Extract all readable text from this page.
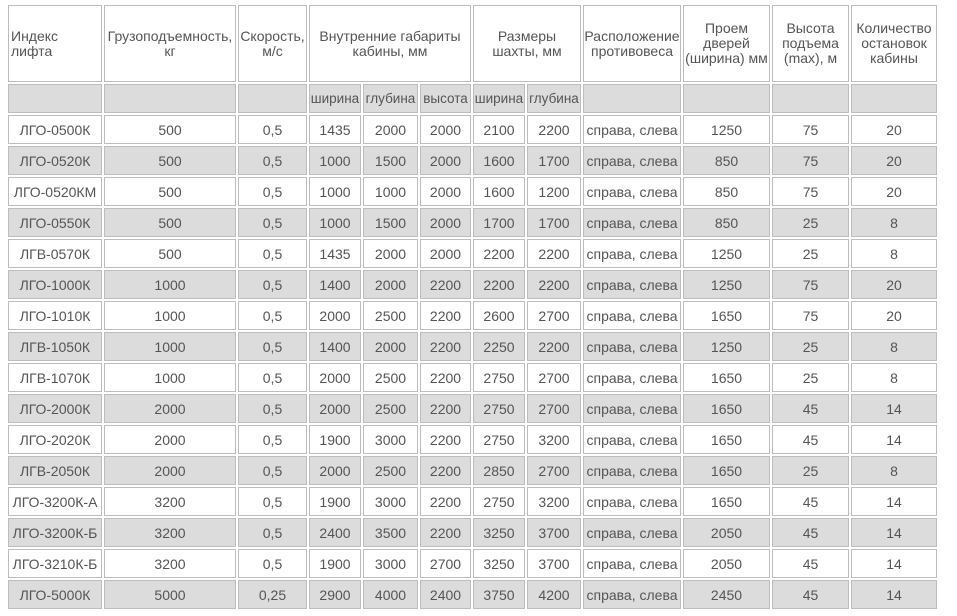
Индекс лифта	Грузоподъемность, кг	Скорость, м/с	Внутренние габариты кабины, мм			Размеры шахты, мм		Расположение противовеса	Проем дверей (ширина) мм	Высота подъема (max), м	Количество остановок кабины
			ширина	глубина	высота	ширина	глубина				
ЛГО-0500К	500	0,5	1435	2000	2000	2100	2200	справа, слева	1250	75	20
ЛГО-0520К	500	0,5	1000	1500	2000	1600	1700	справа, слева	850	75	20
ЛГО-0520КМ	500	0,5	1000	1000	2000	1600	1200	справа, слева	850	75	20
ЛГО-0550К	500	0,5	1000	1500	2000	1700	1700	справа, слева	850	25	8
ЛГВ-0570К	500	0,5	1435	2000	2000	2200	2200	справа, слева	1250	25	8
ЛГО-1000К	1000	0,5	1400	2000	2200	2200	2200	справа, слева	1250	75	20
ЛГО-1010К	1000	0,5	2000	2500	2200	2600	2700	справа, слева	1650	75	20
ЛГВ-1050К	1000	0,5	1400	2000	2200	2250	2200	справа, слева	1250	25	8
ЛГВ-1070К	1000	0,5	2000	2500	2200	2750	2700	справа, слева	1650	25	8
ЛГО-2000К	2000	0,5	2000	2500	2200	2750	2700	справа, слева	1650	45	14
ЛГО-2020К	2000	0,5	1900	3000	2200	2750	3200	справа, слева	1650	45	14
ЛГВ-2050К	2000	0,5	2000	2500	2200	2850	2700	справа, слева	1650	25	8
ЛГО-3200К-А	3200	0,5	1900	3000	2200	2750	3200	справа, слева	1650	45	14
ЛГО-3200К-Б	3200	0,5	2400	3500	2200	3250	3700	справа, слева	2050	45	14
ЛГО-3210К-Б	3200	0,5	1900	3000	2700	3250	3700	справа, слева	2050	45	14
ЛГО-5000К	5000	0,25	2900	4000	2400	3750	4200	справа, слева	2450	45	14
